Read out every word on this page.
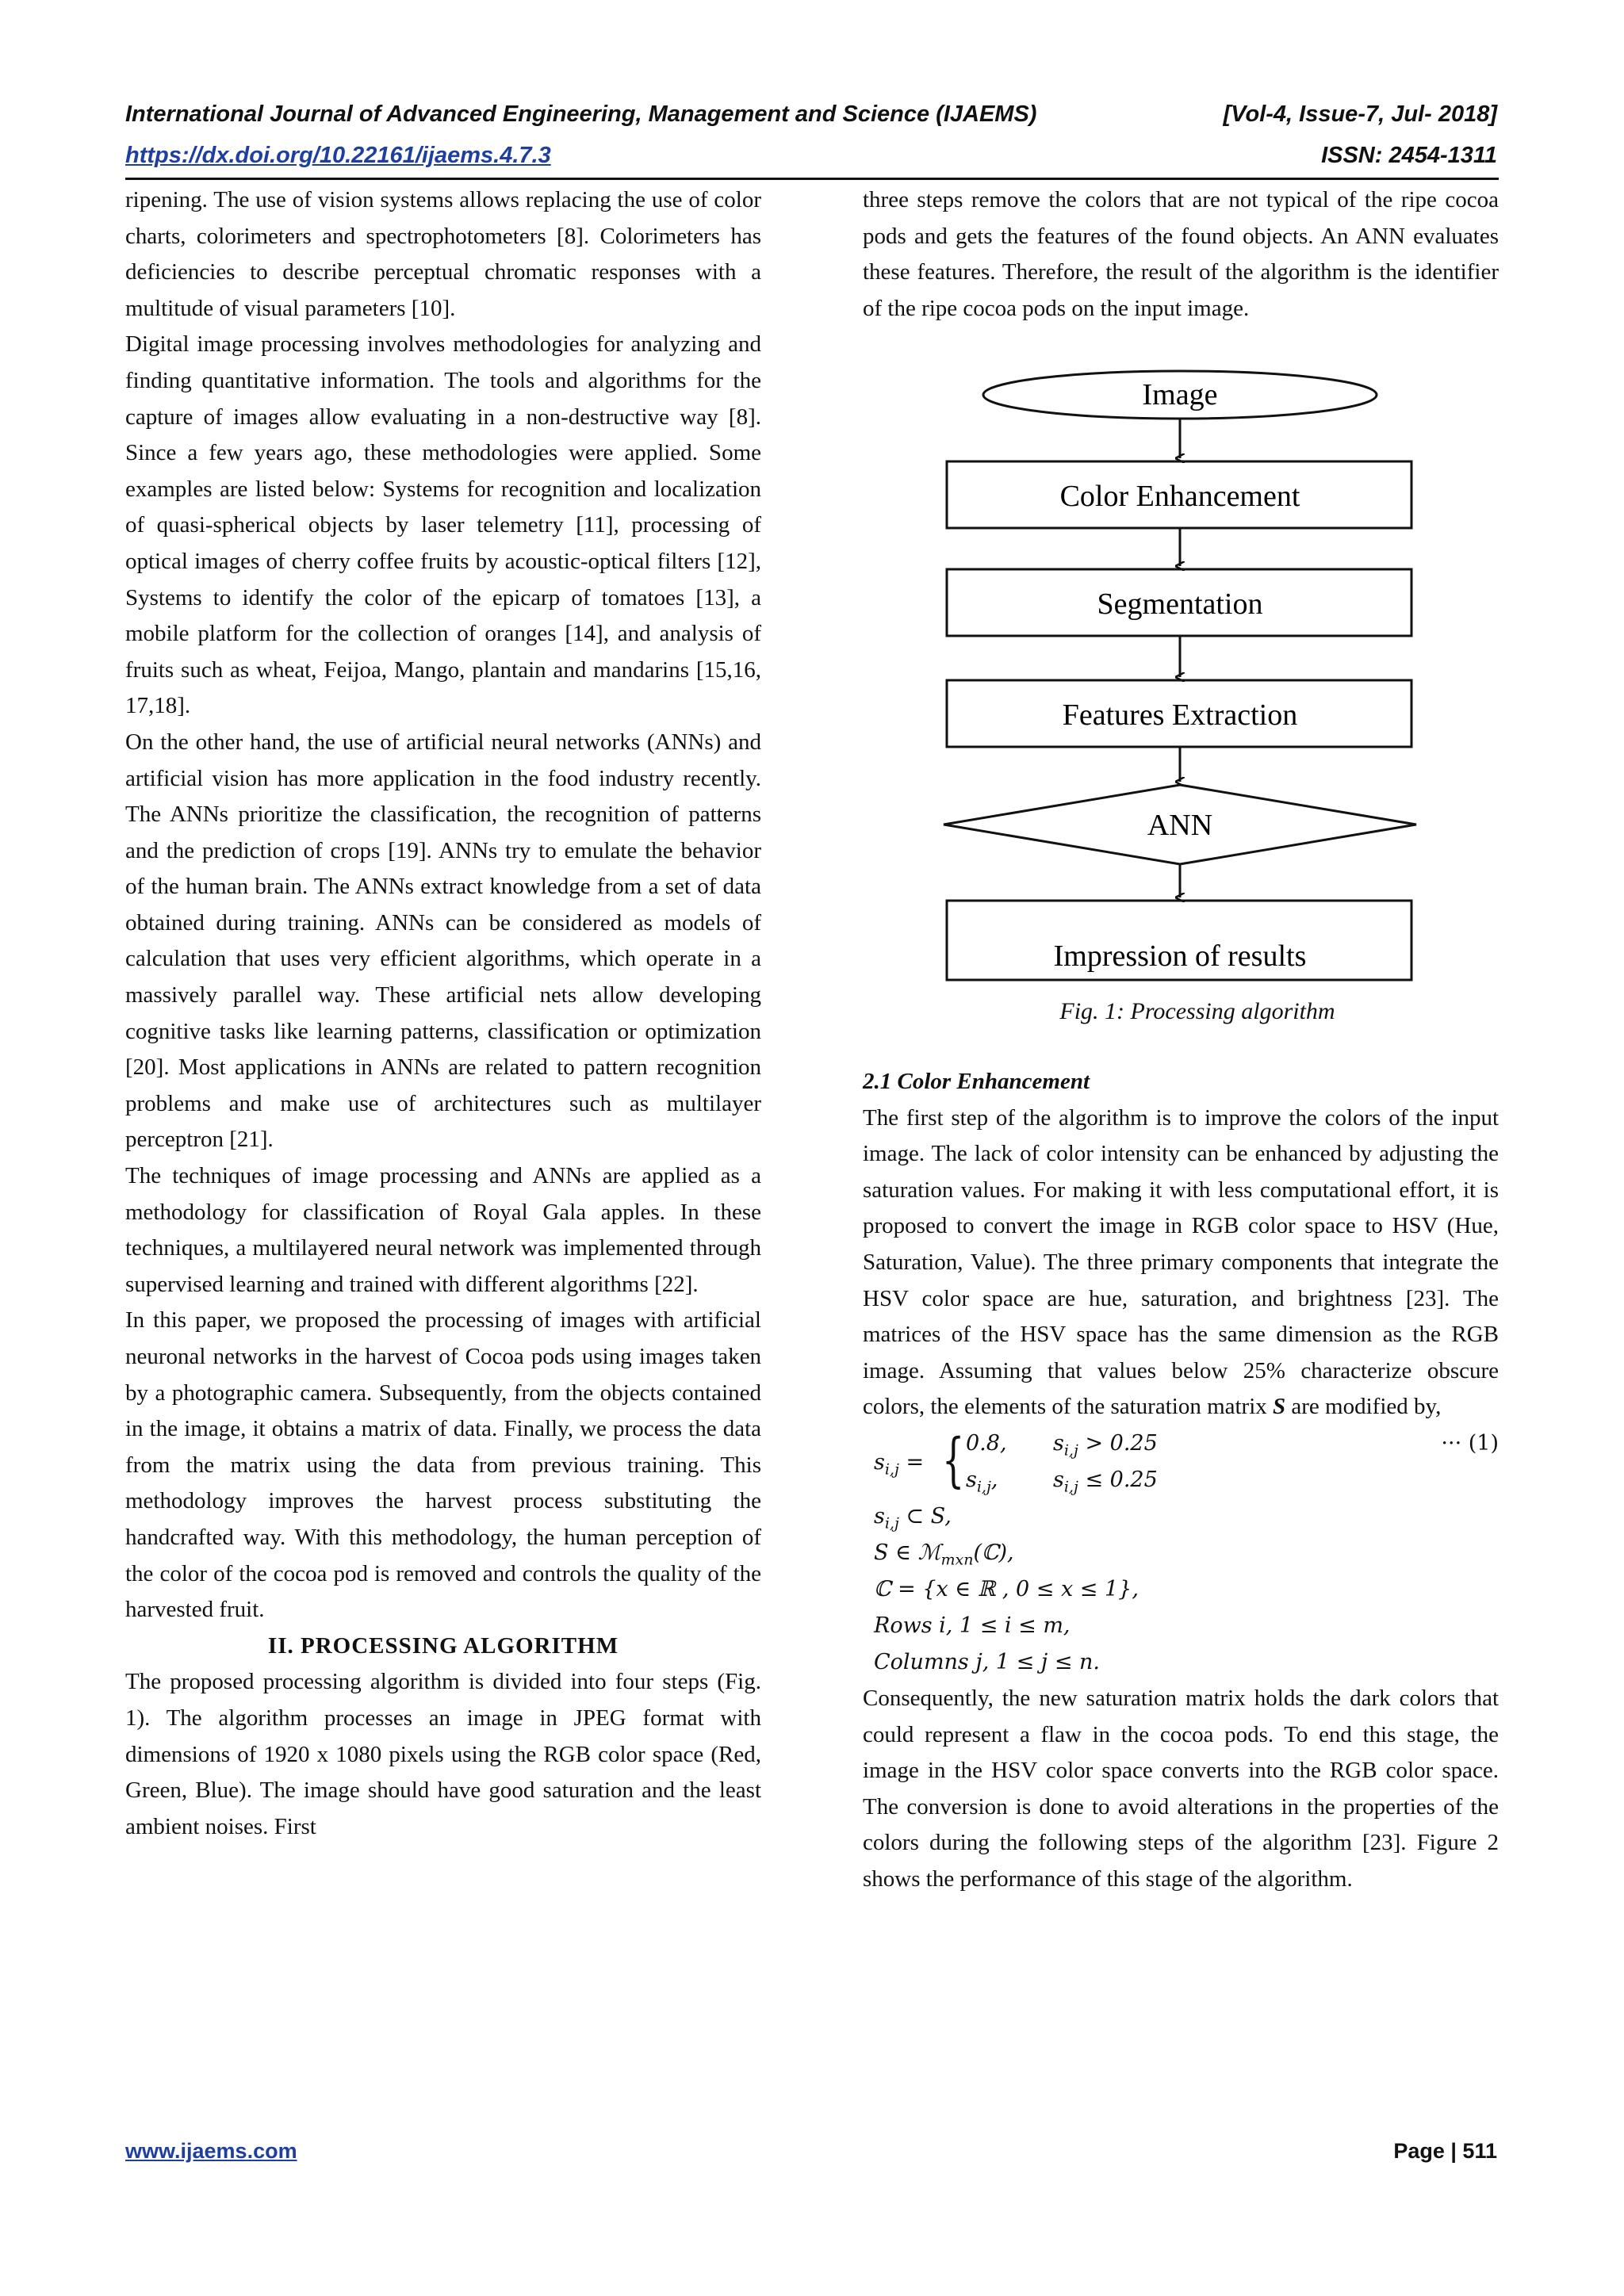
International Journal of Advanced Engineering, Management and Science (IJAEMS)	[Vol-4, Issue-7, Jul- 2018]
https://dx.doi.org/10.22161/ijaems.4.7.3	ISSN: 2454-1311

ripening. The use of vision systems allows replacing the use of color charts, colorimeters and spectrophotometers [8]. Colorimeters has deficiencies to describe perceptual chromatic responses with a multitude of visual parameters [10].

Digital image processing involves methodologies for analyzing and finding quantitative information. The tools and algorithms for the capture of images allow evaluating in a non-destructive way [8]. Since a few years ago, these methodologies were applied. Some examples are listed below: Systems for recognition and localization of quasi-spherical objects by laser telemetry [11], processing of optical images of cherry coffee fruits by acoustic-optical filters [12], Systems to identify the color of the epicarp of tomatoes [13], a mobile platform for the collection of oranges [14], and analysis of fruits such as wheat, Feijoa, Mango, plantain and mandarins [15,16, 17,18].

On the other hand, the use of artificial neural networks (ANNs) and artificial vision has more application in the food industry recently. The ANNs prioritize the classification, the recognition of patterns and the prediction of crops [19]. ANNs try to emulate the behavior of the human brain. The ANNs extract knowledge from a set of data obtained during training. ANNs can be considered as models of calculation that uses very efficient algorithms, which operate in a massively parallel way. These artificial nets allow developing cognitive tasks like learning patterns, classification or optimization [20]. Most applications in ANNs are related to pattern recognition problems and make use of architectures such as multilayer perceptron [21].

The techniques of image processing and ANNs are applied as a methodology for classification of Royal Gala apples. In these techniques, a multilayered neural network was implemented through supervised learning and trained with different algorithms [22].

In this paper, we proposed the processing of images with artificial neuronal networks in the harvest of Cocoa pods using images taken by a photographic camera. Subsequently, from the objects contained in the image, it obtains a matrix of data. Finally, we process the data from the matrix using the data from previous training. This methodology improves the harvest process substituting the handcrafted way. With this methodology, the human perception of the color of the cocoa pod is removed and controls the quality of the harvested fruit.

II. PROCESSING ALGORITHM

The proposed processing algorithm is divided into four steps (Fig. 1). The algorithm processes an image in JPEG format with dimensions of 1920 x 1080 pixels using the RGB color space (Red, Green, Blue). The image should have good saturation and the least ambient noises. First

three steps remove the colors that are not typical of the ripe cocoa pods and gets the features of the found objects. An ANN evaluates these features. Therefore, the result of the algorithm is the identifier of the ripe cocoa pods on the input image.

Image
Color Enhancement
Segmentation
Features Extraction
ANN
Impression of results
Fig. 1: Processing algorithm

2.1 Color Enhancement

The first step of the algorithm is to improve the colors of the input image. The lack of color intensity can be enhanced by adjusting the saturation values. For making it with less computational effort, it is proposed to convert the image in RGB color space to HSV (Hue, Saturation, Value). The three primary components that integrate the HSV color space are hue, saturation, and brightness [23]. The matrices of the HSV space has the same dimension as the RGB image. Assuming that values below 25% characterize obscure colors, the elements of the saturation matrix S are modified by,

$s_{i,j}$ = { 0.8, $s_{i,j} > 0.25$
$s_{i,j}$,	$s_{i,j} \le 0.25$
··· (1)
$s_{i,j}$ ⊂ S,
S ∈ ℳ$_{mxn}$(ℂ),
ℂ = {x ∈ ℝ , 0 ≤ x ≤ 1},
Rows i, 1 ≤ i ≤ m,
Columns j, 1 ≤ j ≤ n.

Consequently, the new saturation matrix holds the dark colors that could represent a flaw in the cocoa pods. To end this stage, the image in the HSV color space converts into the RGB color space. The conversion is done to avoid alterations in the properties of the colors during the following steps of the algorithm [23]. Figure 2 shows the performance of this stage of the algorithm.

www.ijaems.com	Page | 511
